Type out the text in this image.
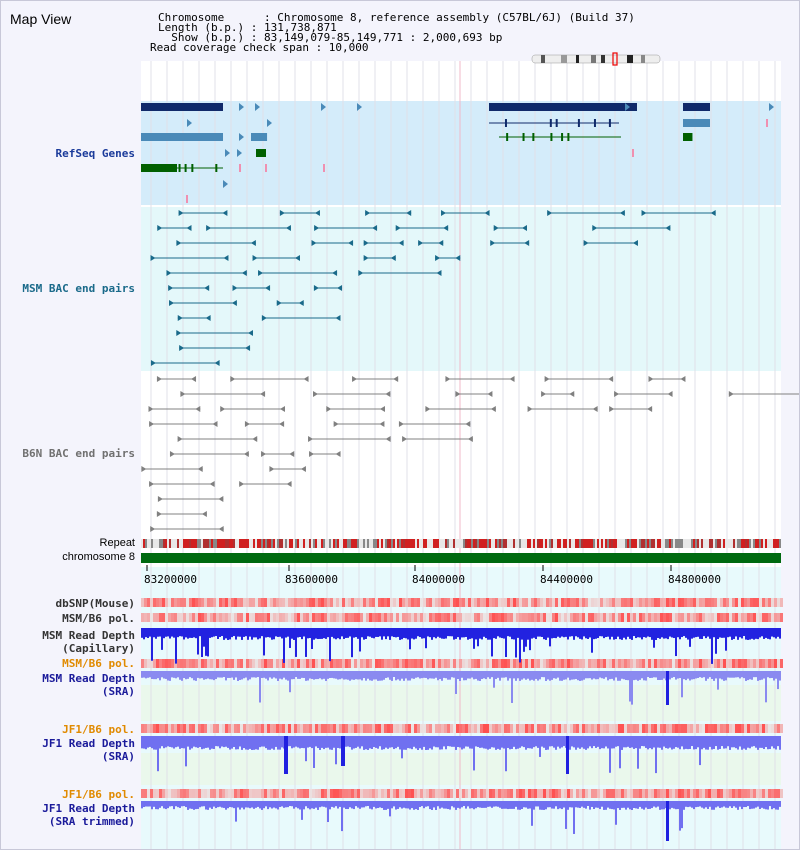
Map View	Chromosome      : Chromosome 8, reference assembly (C57BL/6J) (Build 37)
Length (b.p.) : 131,738,871
Show (b.p.) : 83,149,079-85,149,771 : 2,000,693 bp
Read coverage check span : 10,000
RefSeq Genes
MSM BAC end pairs
B6N BAC end pairs
Repeat
chromosome 8
83200000	83600000	84000000	84400000	84800000
dbSNP(Mouse)
MSM/B6 pol.
MSM Read Depth
(Capillary)
MSM/B6 pol.
MSM Read Depth
(SRA)
JF1/B6 pol.
JF1 Read Depth
(SRA)
JF1/B6 pol.
JF1 Read Depth
(SRA trimmed)
